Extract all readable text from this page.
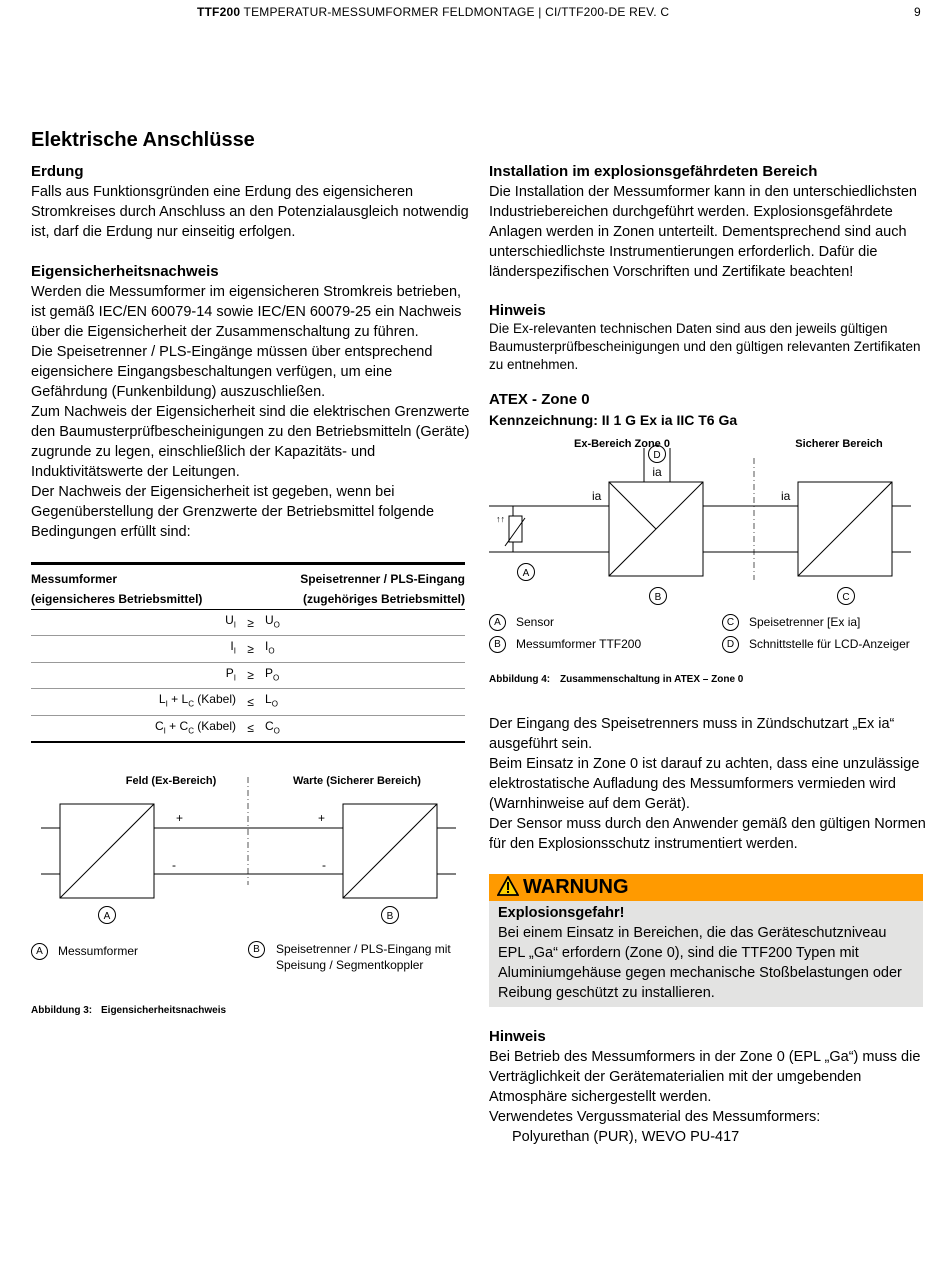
TTF200 TEMPERATUR-MESSUMFORMER FELDMONTAGE | CI/TTF200-DE REV. C	9
Elektrische Anschlüsse
Erdung

Falls aus Funktionsgründen eine Erdung des eigensicheren Stromkreises durch Anschluss an den Potenzialausgleich notwendig ist, darf die Erdung nur einseitig erfolgen.

Eigensicherheitsnachweis

Werden die Messumformer im eigensicheren Stromkreis betrieben, ist gemäß IEC/EN 60079-14 sowie IEC/EN 60079-25 ein Nachweis über die Eigensicherheit der Zusammenschaltung zu führen.

Die Speisetrenner / PLS-Eingänge müssen über entsprechend eigensichere Eingangsbeschaltungen verfügen, um eine Gefährdung (Funkenbildung) auszuschließen.

Zum Nachweis der Eigensicherheit sind die elektrischen Grenzwerte den Baumusterprüfbescheinigungen zu den Betriebsmitteln (Geräte) zugrunde zu legen, einschließlich der Kapazitäts- und Induktivitätswerte der Leitungen.

Der Nachweis der Eigensicherheit ist gegeben, wenn bei Gegenüberstellung der Grenzwerte der Betriebsmittel folgende Bedingungen erfüllt sind:

Messumformer	Speisetrenner / PLS-Eingang
(eigensicheres Betriebsmittel)	(zugehöriges Betriebsmittel)
$U_I$	≥	$U_O$
$I_I$	≥	$I_O$
$P_I$	≥	$P_O$
$L_I + L_C$ (Kabel)	≤	$L_O$
$C_I + C_C$ (Kabel)	≤	$C_O$
Feld (Ex-Bereich)	Warte (Sicherer Bereich)
+	+
-	-
A	B
A Messumformer	B	Speisetrenner / PLS-Eingang mit Speisung / Segmentkoppler
Abbildung 3: Eigensicherheitsnachweis
Installation im explosionsgefährdeten Bereich

Die Installation der Messumformer kann in den unterschiedlichsten Industriebereichen durchgeführt werden. Explosionsgefährdete Anlagen werden in Zonen unterteilt. Dementsprechend sind auch unterschiedlichste Instrumentierungen erforderlich. Dafür die länderspezifischen Vorschriften und Zertifikate beachten!

Hinweis

Die Ex-relevanten technischen Daten sind aus den jeweils gültigen Baumusterprüfbescheinigungen und den gültigen relevanten Zertifikaten zu entnehmen.

ATEX - Zone 0
Kennzeichnung: II 1 G Ex ia IIC T6 Ga
Ex-Bereich Zone 0	Sicherer Bereich
D
ia
ia	ia
↑↑
A
B	C
A Sensor	C Speisetrenner [Ex ia]
B Messumformer TTF200	D Schnittstelle für LCD-Anzeiger
Abbildung 4: Zusammenschaltung in ATEX – Zone 0

Der Eingang des Speisetrenners muss in Zündschutzart „Ex ia“ ausgeführt sein.

Beim Einsatz in Zone 0 ist darauf zu achten, dass eine unzulässige elektrostatische Aufladung des Messumformers vermieden wird (Warnhinweise auf dem Gerät).

Der Sensor muss durch den Anwender gemäß den gültigen Normen für den Explosionsschutz instrumentiert werden.

WARNUNG
Explosionsgefahr!

Bei einem Einsatz in Bereichen, die das Geräteschutzniveau EPL „Ga“ erfordern (Zone 0), sind die TTF200 Typen mit Aluminiumgehäuse gegen mechanische Stoßbelastungen oder Reibung geschützt zu installieren.

Hinweis

Bei Betrieb des Messumformers in der Zone 0 (EPL „Ga“) muss die Verträglichkeit der Gerätematerialien mit der umgebenden Atmosphäre sichergestellt werden.

Verwendetes Vergussmaterial des Messumformers:

Polyurethan (PUR), WEVO PU-417
